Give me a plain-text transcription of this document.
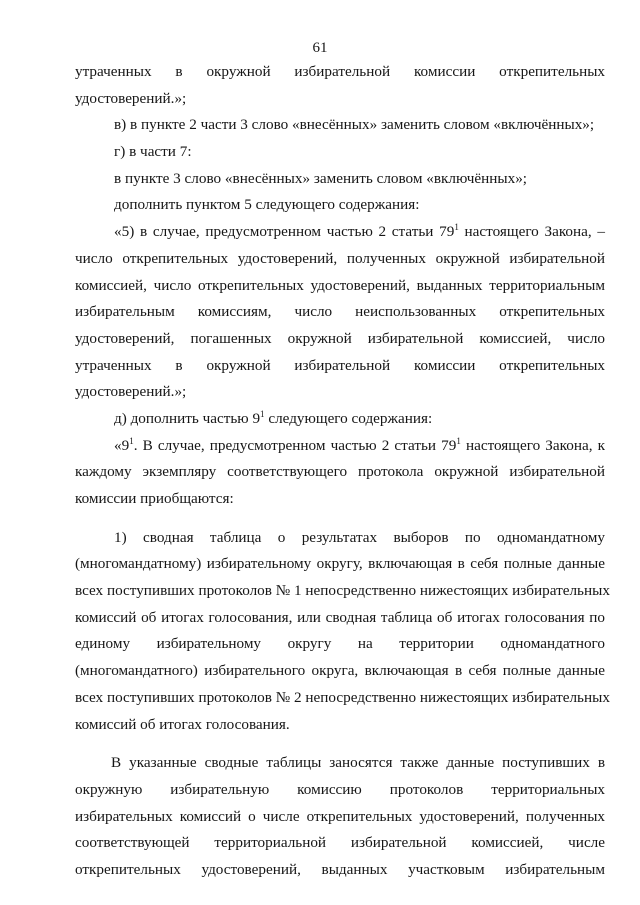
61
утраченных в окружной избирательной комиссии открепительных
удостоверений.»;
в) в пункте 2 части 3 слово «внесённых» заменить словом «включённых»;
г) в части 7:
в пункте 3 слово «внесённых» заменить словом «включённых»;
дополнить пунктом 5 следующего содержания:
«5) в случае, предусмотренном частью 2 статьи $79^1$ настоящего Закона, –
число открепительных удостоверений, полученных окружной избирательной
комиссией, число открепительных удостоверений, выданных территориальным
избирательным комиссиям, число неиспользованных открепительных
удостоверений, погашенных окружной избирательной комиссией, число
утраченных в окружной избирательной комиссии открепительных
удостоверений.»;
д) дополнить частью $9^1$ следующего содержания:
«$9^1$. В случае, предусмотренном частью 2 статьи $79^1$ настоящего Закона, к
каждому экземпляру соответствующего протокола окружной избирательной
комиссии приобщаются:
1) сводная таблица о результатах выборов по одномандатному
(многомандатному) избирательному округу, включающая в себя полные данные
всех поступивших протоколов № 1 непосредственно нижестоящих избирательных
комиссий об итогах голосования, или сводная таблица об итогах голосования по
единому избирательному округу на территории одномандатного
(многомандатного) избирательного округа, включающая в себя полные данные
всех поступивших протоколов № 2 непосредственно нижестоящих избирательных
комиссий об итогах голосования.
В указанные сводные таблицы заносятся также данные поступивших в
окружную избирательную комиссию протоколов территориальных
избирательных комиссий о числе открепительных удостоверений, полученных
соответствующей территориальной избирательной комиссией, числе
открепительных удостоверений, выданных участковым избирательным
